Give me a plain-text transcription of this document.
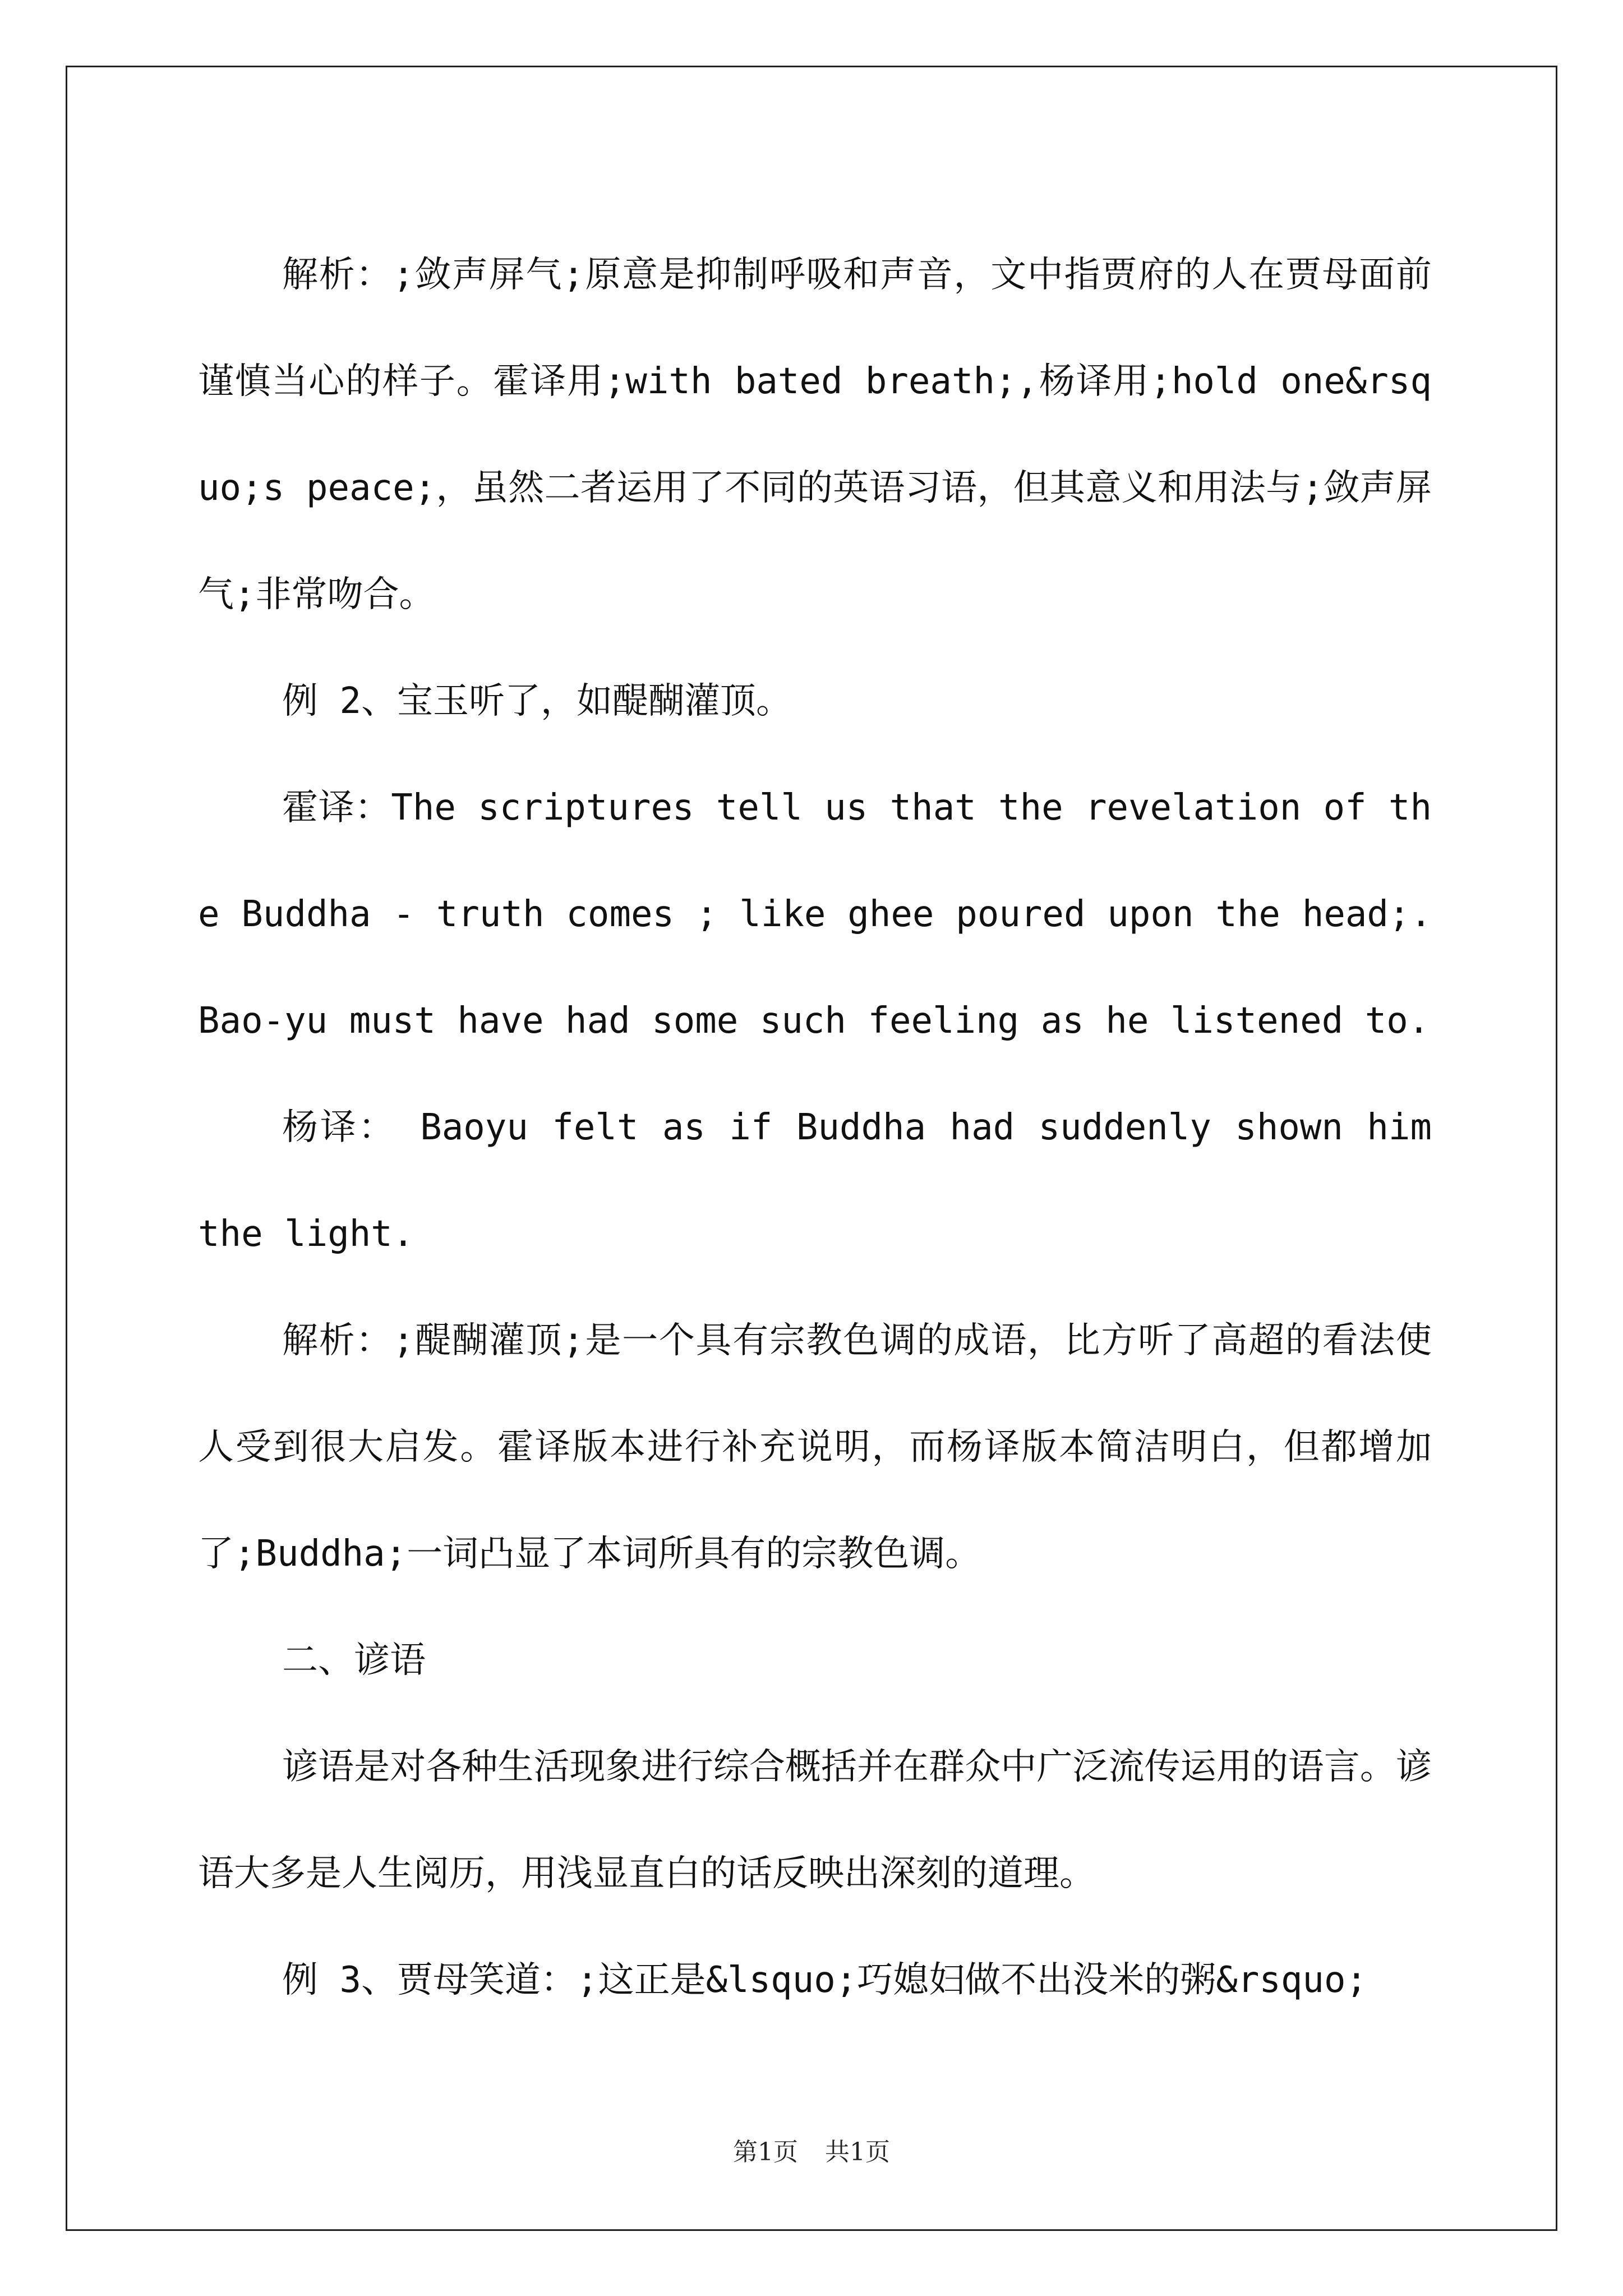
解析：;敛声屏气;原意是抑制呼吸和声音，文中指贾府的人在贾母面前谨慎当心的样子。霍译用;with bated breath;,杨译用;hold one&rsquo;s peace;，虽然二者运用了不同的英语习语，但其意义和用法与;敛声屏气;非常吻合。

例 2、宝玉听了，如醍醐灌顶。

霍译：The scriptures tell us that the revelation of the Buddha - truth comes ; like ghee poured upon the head;. Bao-yu must have had some such feeling as he listened to.

杨译： Baoyu felt as if Buddha had suddenly shown him the light.

解析：;醍醐灌顶;是一个具有宗教色调的成语，比方听了高超的看法使人受到很大启发。霍译版本进行补充说明，而杨译版本简洁明白，但都增加了;Buddha;一词凸显了本词所具有的宗教色调。

二、谚语

谚语是对各种生活现象进行综合概括并在群众中广泛流传运用的语言。谚语大多是人生阅历，用浅显直白的话反映出深刻的道理。

例 3、贾母笑道：;这正是&lsquo;巧媳妇做不出没米的粥&rsquo;

第1页 共1页
